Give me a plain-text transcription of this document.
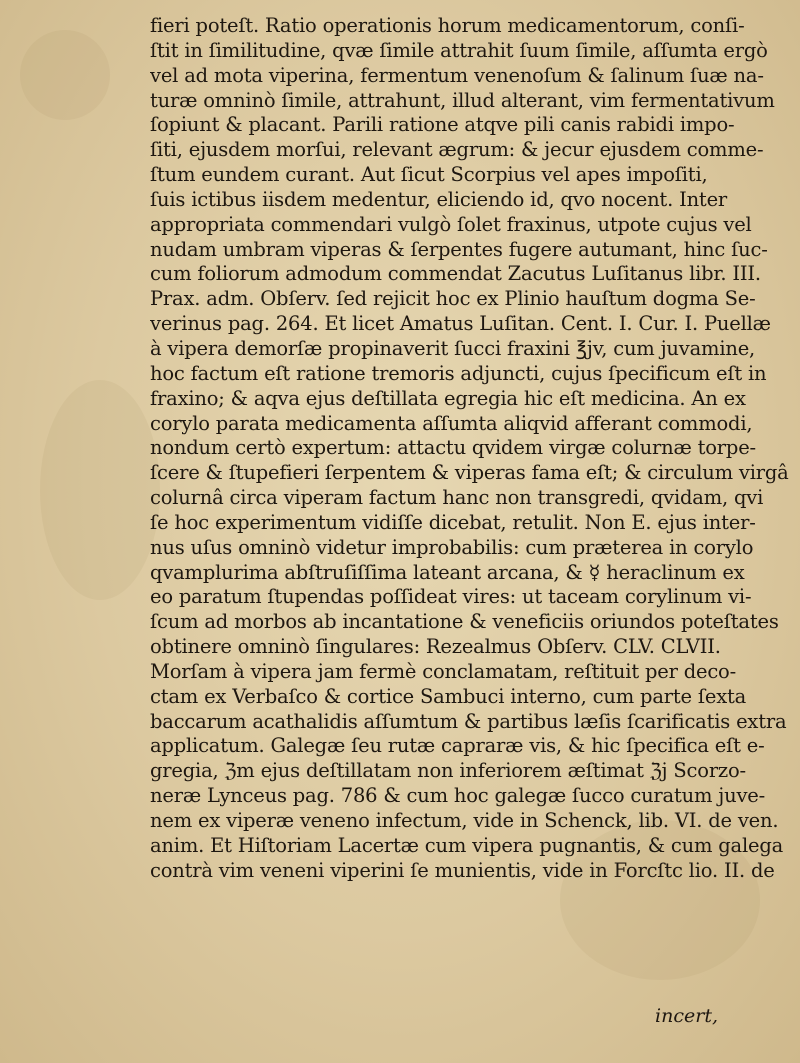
fieri poteſt. Ratio operationis horum medicamentorum, conſi-
ſtit in ſimilitudine, qvæ ſimile attrahit ſuum ſimile, aſſumta ergò
vel ad mota viperina, fermentum venenoſum & ſalinum ſuæ na-
turæ omninò ſimile, attrahunt, illud alterant, vim fermentativum
ſopiunt & placant. Parili ratione atqve pili canis rabidi impo-
ſiti, ejusdem morſui, relevant ægrum: & jecur ejusdem comme-
ſtum eundem curant. Aut ſicut Scorpius vel apes impoſiti,
ſuis ictibus iisdem medentur, eliciendo id, qvo nocent. Inter
appropriata commendari vulgò ſolet fraxinus, utpote cujus vel
nudam umbram viperas & ſerpentes fugere autumant, hinc ſuc-
cum foliorum admodum commendat Zacutus Luſitanus libr. III.
Prax. adm. Obſerv. ſed rejicit hoc ex Plinio hauſtum dogma Se-
verinus pag. 264. Et licet Amatus Luſitan. Cent. I. Cur. I. Puellæ
à vipera demorſæ propinaverit ſucci fraxini ℥jv, cum juvamine,
hoc factum eſt ratione tremoris adjuncti, cujus ſpecificum eſt in
fraxino; & aqva ejus deſtillata egregia hic eſt medicina. An ex
corylo parata medicamenta aſſumta aliqvid afferant commodi,
nondum certò expertum: attactu qvidem virgæ colurnæ torpe-
ſcere & ſtupefieri ſerpentem & viperas fama eſt; & circulum virgâ
colurnâ circa viperam factum hanc non transgredi, qvidam, qvi
ſe hoc experimentum vidiſſe dicebat, retulit. Non E. ejus inter-
nus uſus omninò videtur improbabilis: cum præterea in corylo
qvamplurima abſtruſiſſima lateant arcana, & ☿ heraclinum ex
eo paratum ſtupendas poſſideat vires: ut taceam corylinum vi-
ſcum ad morbos ab incantatione & veneficiis oriundos poteſtates
obtinere omninò ſingulares: Rezealmus Obſerv. CLV. CLVII.
Morſam à vipera jam fermè conclamatam, reſtituit per deco-
ctam ex Verbaſco & cortice Sambuci interno, cum parte ſexta
baccarum acathalidis aſſumtum & partibus læſis ſcarificatis extra
applicatum. Galegæ ſeu rutæ capraræ vis, & hic ſpecifica eſt e-
gregia, ℨm ejus deſtillatam non inferiorem æſtimat ℨj Scorzo-
neræ Lynceus pag. 786 & cum hoc galegæ ſucco curatum juve-
nem ex viperæ veneno infectum, vide in Schenck, lib. VI. de ven.
anim. Et Hiſtoriam Lacertæ cum vipera pugnantis, & cum galega
contrà vim veneni viperini ſe munientis, vide in Forcſtc lio. II. de
incert,
